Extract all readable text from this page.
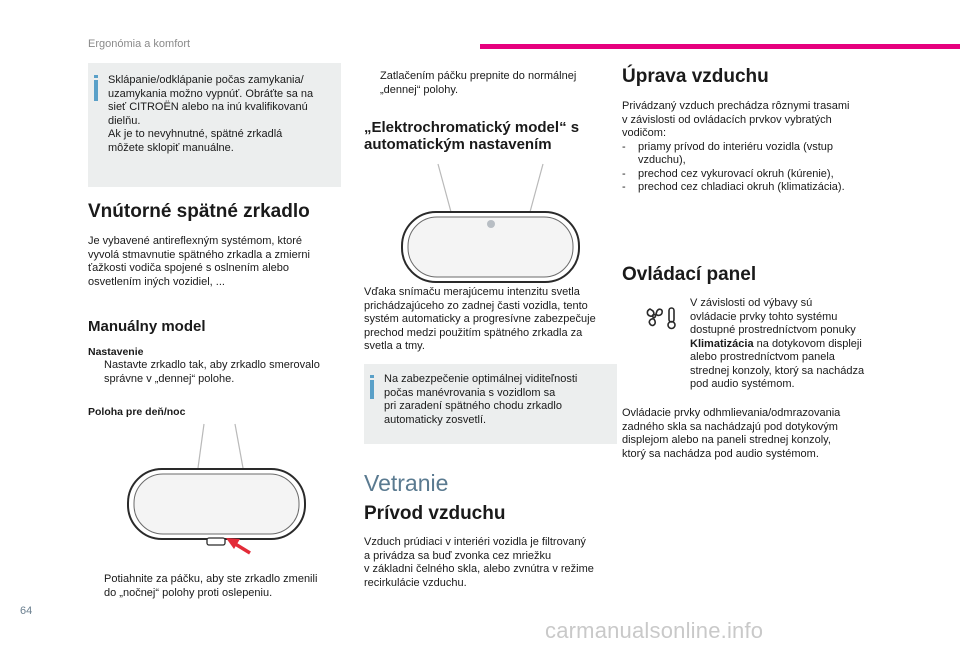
Ergonómia a komfort
64
carmanualsonline.info
Sklápanie/odklápanie počas zamykania/
uzamykania možno vypnúť. Obráťte sa na
sieť CITROËN alebo na inú kvalifikovanú
dielňu.
Ak je to nevyhnutné, spätné zrkadlá
môžete sklopiť manuálne.
Vnútorné spätné zrkadlo
Je vybavené antireflexným systémom, ktoré
vyvolá stmavnutie spätného zrkadla a zmierni
ťažkosti vodiča spojené s oslnením alebo
osvetlením iných vozidiel, ...
Manuálny model
Nastavenie
Nastavte zrkadlo tak, aby zrkadlo smerovalo
správne v „dennej“ polohe.
Poloha pre deň/noc
Potiahnite za páčku, aby ste zrkadlo zmenili
do „nočnej“ polohy proti oslepeniu.
Zatlačením páčku prepnite do normálnej
„dennej“ polohy.
„Elektrochromatický model“ s
automatickým nastavením
Vďaka snímaču merajúcemu intenzitu svetla
prichádzajúceho zo zadnej časti vozidla, tento
systém automaticky a progresívne zabezpečuje
prechod medzi použitím spätného zrkadla za
svetla a tmy.
Na zabezpečenie optimálnej viditeľnosti
počas manévrovania s vozidlom sa
pri zaradení spätného chodu zrkadlo
automaticky zosvetlí.
Vetranie
Prívod vzduchu
Vzduch prúdiaci v interiéri vozidla je filtrovaný
a privádza sa buď zvonka cez mriežku
v základni čelného skla, alebo zvnútra v režime
recirkulácie vzduchu.
Úprava vzduchu
Privádzaný vzduch prechádza rôznymi trasami
v závislosti od ovládacích prvkov vybratých
vodičom:
-	priamy prívod do interiéru vozidla (vstup
vzduchu),
-	prechod cez vykurovací okruh (kúrenie),
-	prechod cez chladiaci okruh (klimatizácia).
Ovládací panel
V závislosti od výbavy sú
ovládacie prvky tohto systému
dostupné prostredníctvom ponuky
Klimatizácia na dotykovom displeji
alebo prostredníctvom panela
strednej konzoly, ktorý sa nachádza
pod audio systémom.
Ovládacie prvky odhmlievania/odmrazovania
zadného skla sa nachádzajú pod dotykovým
displejom alebo na paneli strednej konzoly,
ktorý sa nachádza pod audio systémom.
